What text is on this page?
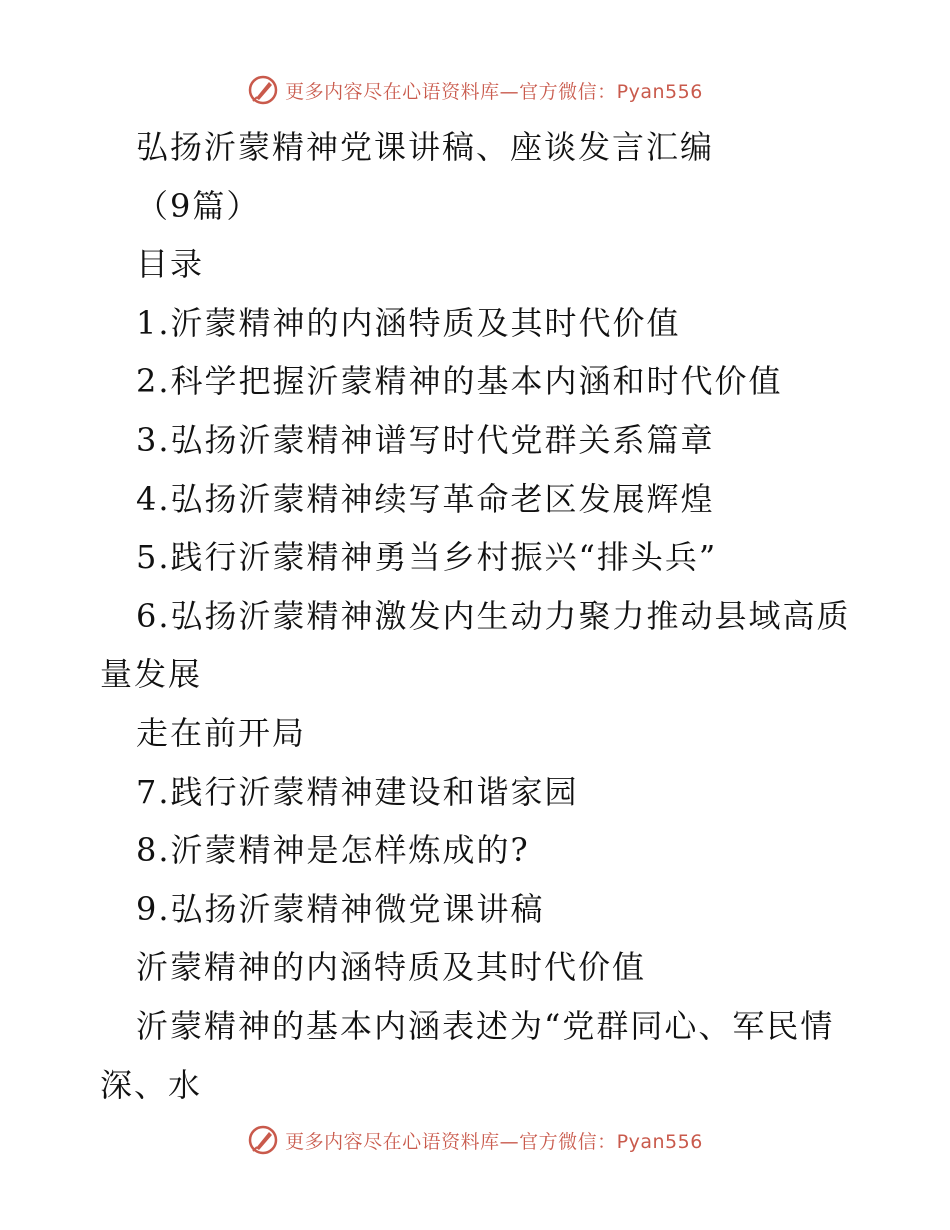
更多内容尽在心语资料库—官方微信：Pyan556
弘扬沂蒙精神党课讲稿、座谈发言汇编
（9篇）
目录
1.沂蒙精神的内涵特质及其时代价值
2.科学把握沂蒙精神的基本内涵和时代价值
3.弘扬沂蒙精神谱写时代党群关系篇章
4.弘扬沂蒙精神续写革命老区发展辉煌
5.践行沂蒙精神勇当乡村振兴“排头兵”
6.弘扬沂蒙精神激发内生动力聚力推动县域高质
量发展
走在前开局
7.践行沂蒙精神建设和谐家园
8.沂蒙精神是怎样炼成的?
9.弘扬沂蒙精神微党课讲稿
沂蒙精神的内涵特质及其时代价值
沂蒙精神的基本内涵表述为“党群同心、军民情
深、水
更多内容尽在心语资料库—官方微信：Pyan556
